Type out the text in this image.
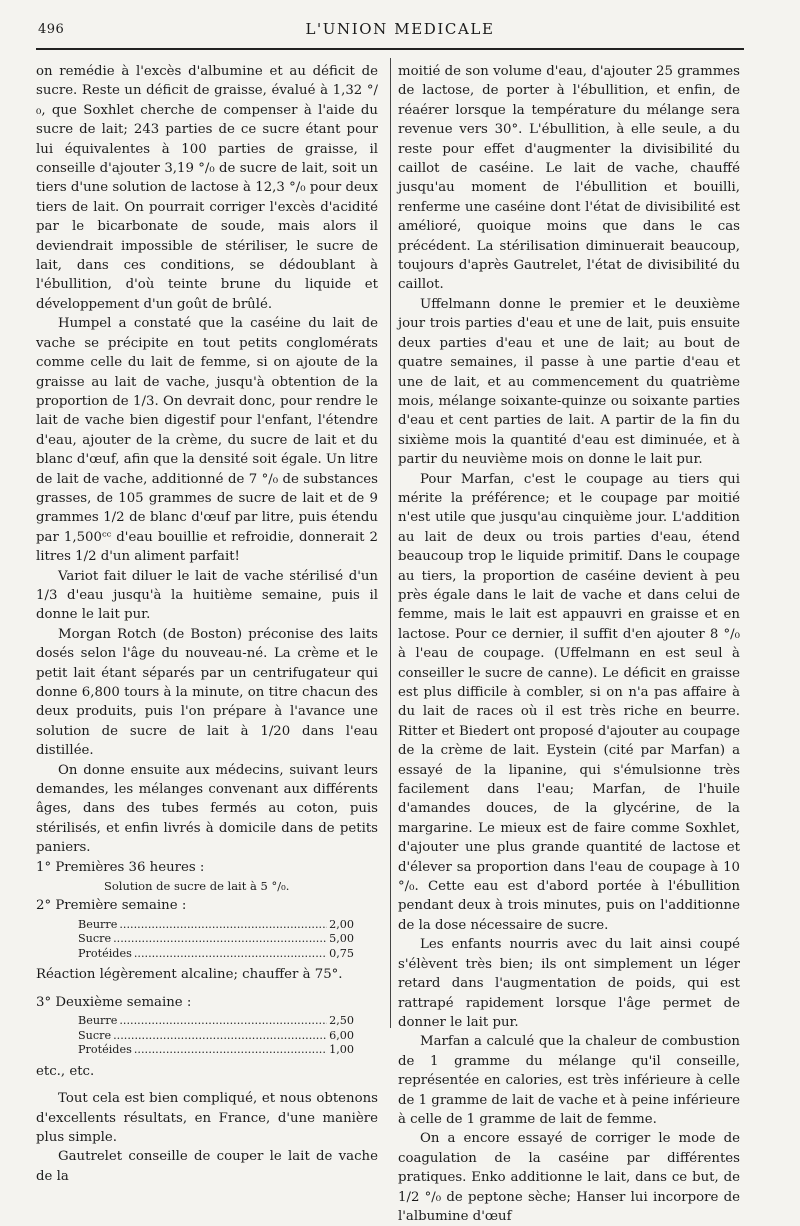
496	L'UNION MEDICALE

on remédie à l'excès d'albumine et au déficit de sucre. Reste un déficit de graisse, évalué à 1,32 °/₀, que Soxhlet cherche de compenser à l'aide du sucre de lait; 243 parties de ce sucre étant pour lui équivalentes à 100 parties de graisse, il conseille d'ajouter 3,19 °/₀ de sucre de lait, soit un tiers d'une solution de lactose à 12,3 °/₀ pour deux tiers de lait. On pourrait corriger l'excès d'acidité par le bicarbonate de soude, mais alors il deviendrait impossible de stériliser, le sucre de lait, dans ces conditions, se dédoublant à l'ébullition, d'où teinte brune du liquide et développement d'un goût de brûlé.

Humpel a constaté que la caséine du lait de vache se précipite en tout petits conglomérats comme celle du lait de femme, si on ajoute de la graisse au lait de vache, jusqu'à obtention de la proportion de 1/3. On devrait donc, pour rendre le lait de vache bien digestif pour l'enfant, l'étendre d'eau, ajouter de la crème, du sucre de lait et du blanc d'œuf, afin que la densité soit égale. Un litre de lait de vache, additionné de 7 °/₀ de substances grasses, de 105 grammes de sucre de lait et de 9 grammes 1/2 de blanc d'œuf par litre, puis étendu par 1,500ᶜᶜ d'eau bouillie et refroidie, donnerait 2 litres 1/2 d'un aliment parfait!

Variot fait diluer le lait de vache stérilisé d'un 1/3 d'eau jusqu'à la huitième semaine, puis il donne le lait pur.

Morgan Rotch (de Boston) préconise des laits dosés selon l'âge du nouveau-né. La crème et le petit lait étant séparés par un centrifugateur qui donne 6,800 tours à la minute, on titre chacun des deux produits, puis l'on prépare à l'avance une solution de sucre de lait à 1/20 dans l'eau distillée.

On donne ensuite aux médecins, suivant leurs demandes, les mélanges convenant aux différents âges, dans des tubes fermés au coton, puis stérilisés, et enfin livrés à domicile dans de petits paniers.

1° Premières 36 heures :

Solution de sucre de lait à 5 °/₀.

2° Première semaine :

Beurre .....	2,00
Sucre .....	5,00
Protéides .....	0,75

Réaction légèrement alcaline; chauffer à 75°.

3° Deuxième semaine :

Beurre .....	2,50
Sucre .....	6,00
Protéides .....	1,00

etc., etc.

Tout cela est bien compliqué, et nous obtenons d'excellents résultats, en France, d'une manière plus simple.

Gautrelet conseille de couper le lait de vache de la

moitié de son volume d'eau, d'ajouter 25 grammes de lactose, de porter à l'ébullition, et enfin, de réaérer lorsque la température du mélange sera revenue vers 30°. L'ébullition, à elle seule, a du reste pour effet d'augmenter la divisibilité du caillot de caséine. Le lait de vache, chauffé jusqu'au moment de l'ébullition et bouilli, renferme une caséine dont l'état de divisibilité est amélioré, quoique moins que dans le cas précédent. La stérilisation diminuerait beaucoup, toujours d'après Gautrelet, l'état de divisibilité du caillot.

Uffelmann donne le premier et le deuxième jour trois parties d'eau et une de lait, puis ensuite deux parties d'eau et une de lait; au bout de quatre semaines, il passe à une partie d'eau et une de lait, et au commencement du quatrième mois, mélange soixante-quinze ou soixante parties d'eau et cent parties de lait. A partir de la fin du sixième mois la quantité d'eau est diminuée, et à partir du neuvième mois on donne le lait pur.

Pour Marfan, c'est le coupage au tiers qui mérite la préférence; et le coupage par moitié n'est utile que jusqu'au cinquième jour. L'addition au lait de deux ou trois parties d'eau, étend beaucoup trop le liquide primitif. Dans le coupage au tiers, la proportion de caséine devient à peu près égale dans le lait de vache et dans celui de femme, mais le lait est appauvri en graisse et en lactose. Pour ce dernier, il suffit d'en ajouter 8 °/₀ à l'eau de coupage. (Uffelmann en est seul à conseiller le sucre de canne). Le déficit en graisse est plus difficile à combler, si on n'a pas affaire à du lait de races où il est très riche en beurre. Ritter et Biedert ont proposé d'ajouter au coupage de la crème de lait. Eystein (cité par Marfan) a essayé de la lipanine, qui s'émulsionne très facilement dans l'eau; Marfan, de l'huile d'amandes douces, de la glycérine, de la margarine. Le mieux est de faire comme Soxhlet, d'ajouter une plus grande quantité de lactose et d'élever sa proportion dans l'eau de coupage à 10 °/₀. Cette eau est d'abord portée à l'ébullition pendant deux à trois minutes, puis on l'additionne de la dose nécessaire de sucre.

Les enfants nourris avec du lait ainsi coupé s'élèvent très bien; ils ont simplement un léger retard dans l'augmentation de poids, qui est rattrapé rapidement lorsque l'âge permet de donner le lait pur.

Marfan a calculé que la chaleur de combustion de 1 gramme du mélange qu'il conseille, représentée en calories, est très inférieure à celle de 1 gramme de lait de vache et à peine inférieure à celle de 1 gramme de lait de femme.

On a encore essayé de corriger le mode de coagulation de la caséine par différentes pratiques. Enko additionne le lait, dans ce but, de 1/2 °/₀ de peptone sèche; Hanser lui incorpore de l'albumine d'œuf
